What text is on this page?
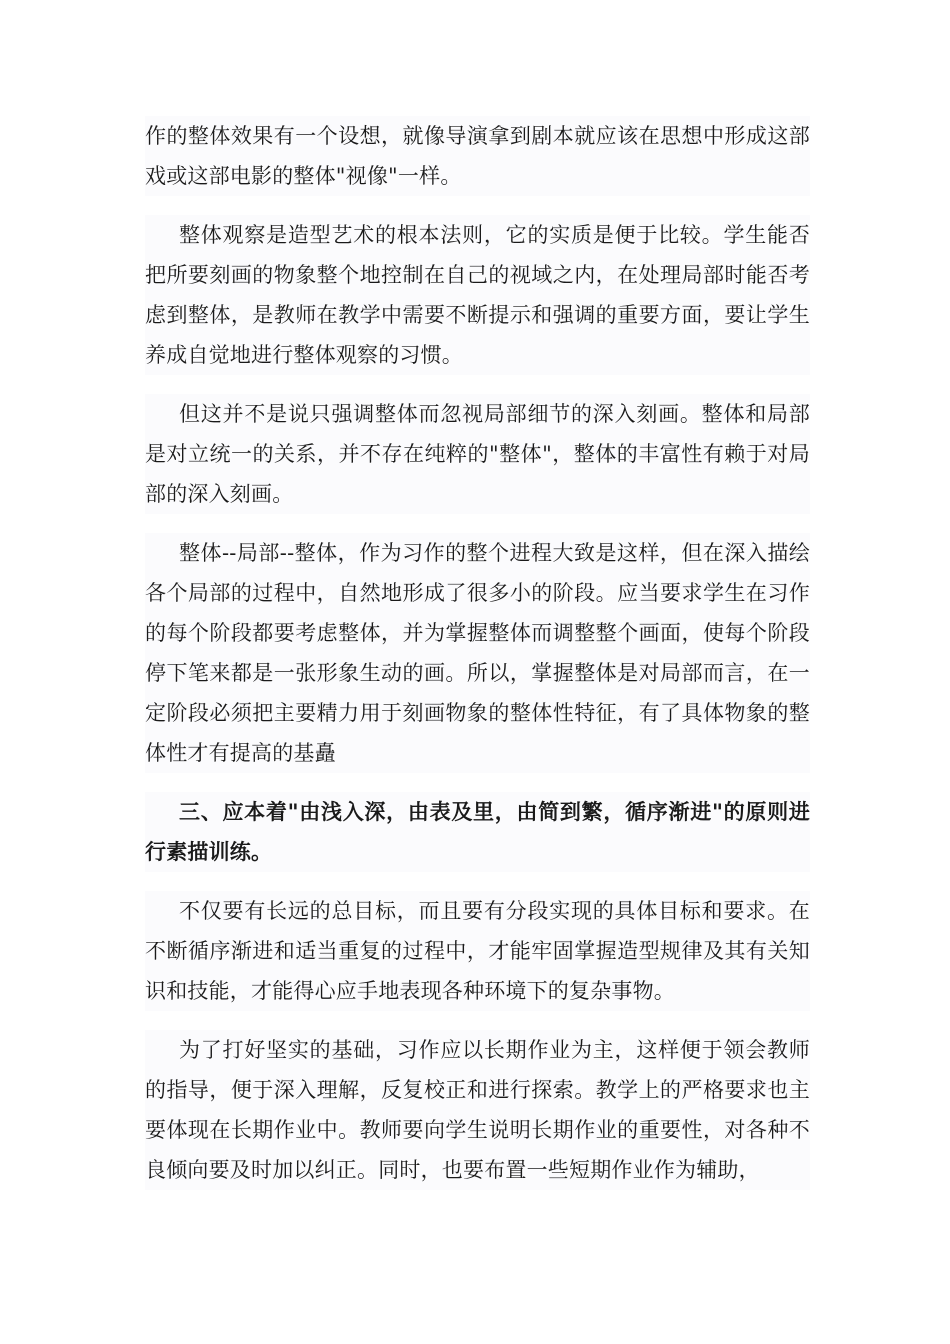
作的整体效果有一个设想，就像导演拿到剧本就应该在思想中形成这部戏或这部电影的整体"视像"一样。

整体观察是造型艺术的根本法则，它的实质是便于比较。学生能否把所要刻画的物象整个地控制在自己的视域之内，在处理局部时能否考虑到整体，是教师在教学中需要不断提示和强调的重要方面，要让学生养成自觉地进行整体观察的习惯。

但这并不是说只强调整体而忽视局部细节的深入刻画。整体和局部是对立统一的关系，并不存在纯粹的"整体"，整体的丰富性有赖于对局部的深入刻画。

整体--局部--整体，作为习作的整个进程大致是这样，但在深入描绘各个局部的过程中，自然地形成了很多小的阶段。应当要求学生在习作的每个阶段都要考虑整体，并为掌握整体而调整整个画面，使每个阶段停下笔来都是一张形象生动的画。所以，掌握整体是对局部而言，在一定阶段必须把主要精力用于刻画物象的整体性特征，有了具体物象的整体性才有提高的基矗

三、应本着"由浅入深，由表及里，由简到繁，循序渐进"的原则进行素描训练。

不仅要有长远的总目标，而且要有分段实现的具体目标和要求。在不断循序渐进和适当重复的过程中，才能牢固掌握造型规律及其有关知识和技能，才能得心应手地表现各种环境下的复杂事物。

为了打好坚实的基础，习作应以长期作业为主，这样便于领会教师的指导，便于深入理解，反复校正和进行探索。教学上的严格要求也主要体现在长期作业中。教师要向学生说明长期作业的重要性，对各种不良倾向要及时加以纠正。同时，也要布置一些短期作业作为辅助，
